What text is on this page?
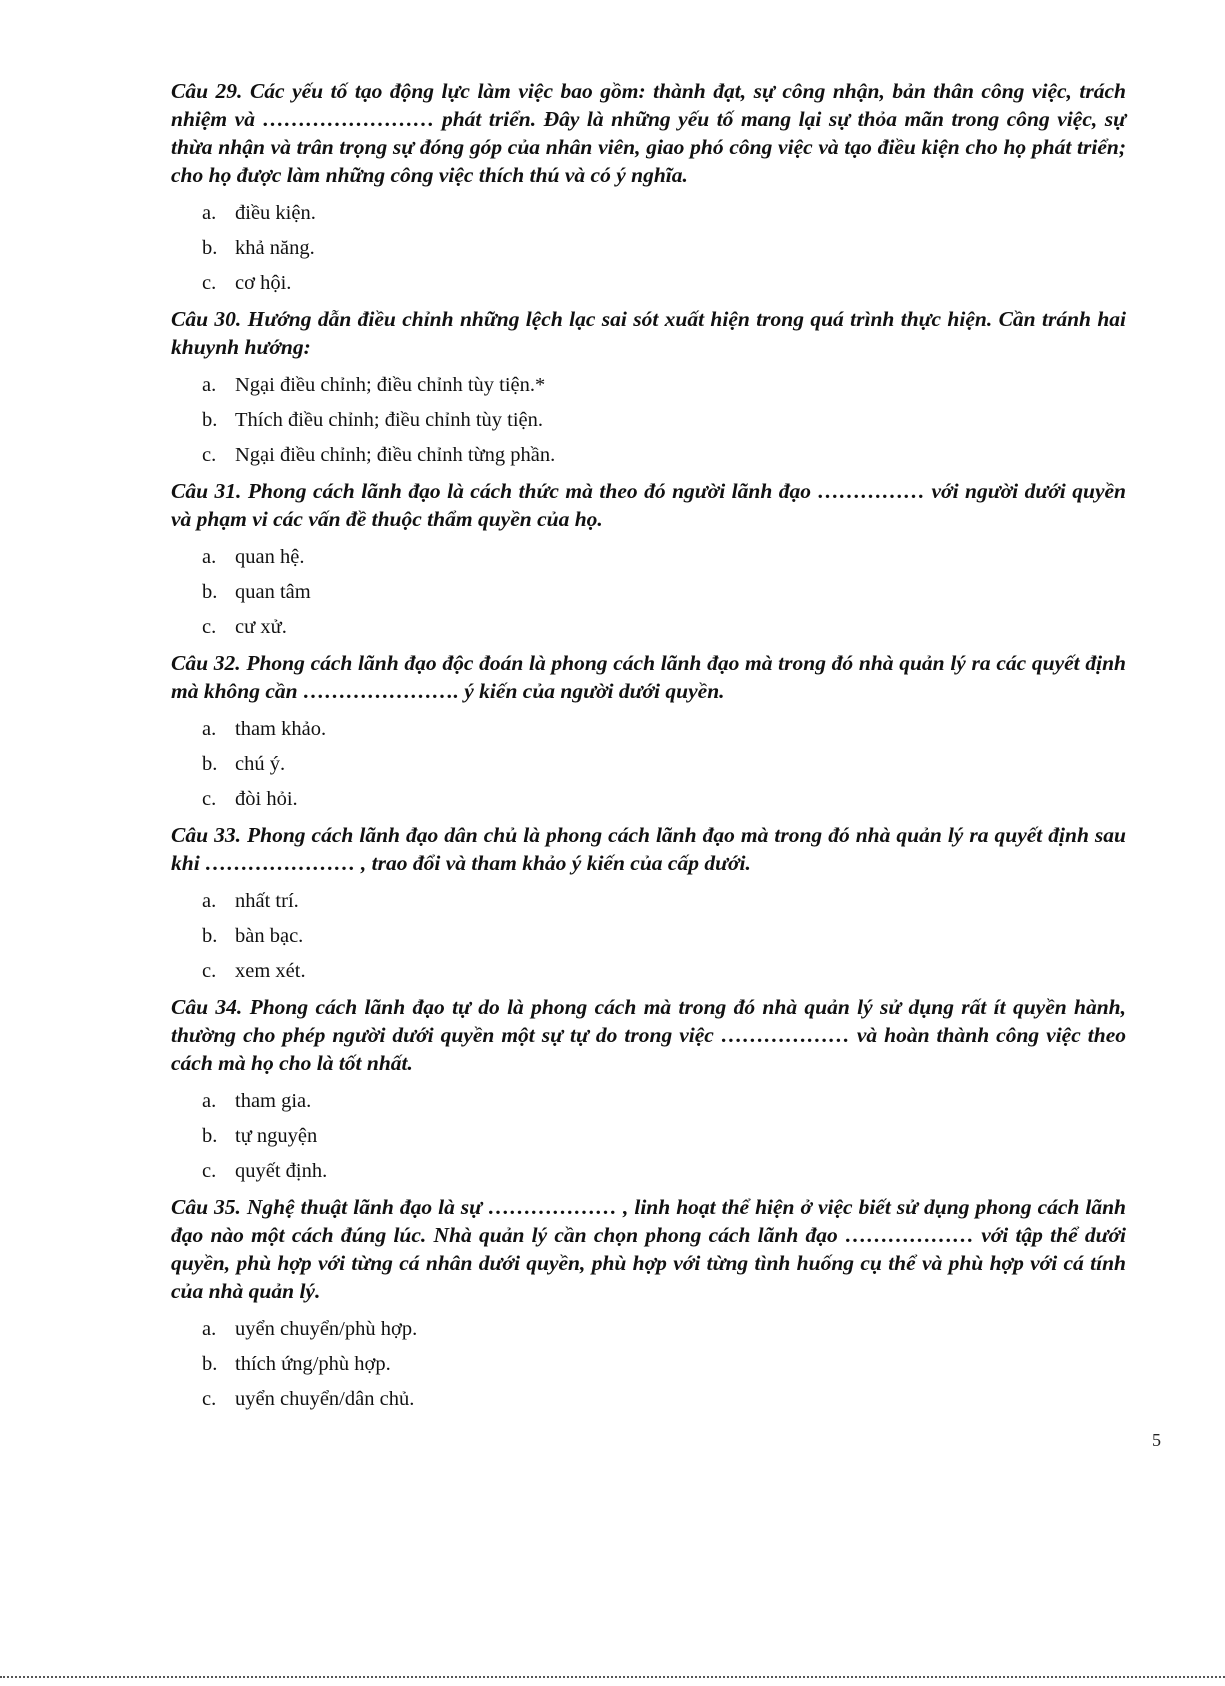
Câu 29. Các yếu tố tạo động lực làm việc bao gồm: thành đạt, sự công nhận, bản thân công việc, trách nhiệm và …………………… phát triển. Đây là những yếu tố mang lại sự thỏa mãn trong công việc, sự thừa nhận và trân trọng sự đóng góp của nhân viên, giao phó công việc và tạo điều kiện cho họ phát triển; cho họ được làm những công việc thích thú và có ý nghĩa.

a. điều kiện.
b. khả năng.
c. cơ hội.

Câu 30. Hướng dẫn điều chỉnh những lệch lạc sai sót xuất hiện trong quá trình thực hiện. Cần tránh hai khuynh hướng:

a. Ngại điều chỉnh; điều chỉnh tùy tiện.*
b. Thích điều chỉnh; điều chỉnh tùy tiện.
c. Ngại điều chỉnh; điều chỉnh từng phần.

Câu 31. Phong cách lãnh đạo là cách thức mà theo đó người lãnh đạo …………… với người dưới quyền và phạm vi các vấn đề thuộc thẩm quyền của họ.

a. quan hệ.
b. quan tâm
c. cư xử.

Câu 32. Phong cách lãnh đạo độc đoán là phong cách lãnh đạo mà trong đó nhà quản lý ra các quyết định mà không cần …………………. ý kiến của người dưới quyền.

a. tham khảo.
b. chú ý.
c. đòi hỏi.

Câu 33. Phong cách lãnh đạo dân chủ là phong cách lãnh đạo mà trong đó nhà quản lý ra quyết định sau khi ………………… , trao đổi và tham khảo ý kiến của cấp dưới.

a. nhất trí.
b. bàn bạc.
c. xem xét.

Câu 34. Phong cách lãnh đạo tự do là phong cách mà trong đó nhà quản lý sử dụng rất ít quyền hành, thường cho phép người dưới quyền một sự tự do trong việc ……………… và hoàn thành công việc theo cách mà họ cho là tốt nhất.

a. tham gia.
b. tự nguyện
c. quyết định.

Câu 35. Nghệ thuật lãnh đạo là sự ……………… , linh hoạt thể hiện ở việc biết sử dụng phong cách lãnh đạo nào một cách đúng lúc. Nhà quản lý cần chọn phong cách lãnh đạo ……………… với tập thể dưới quyền, phù hợp với từng cá nhân dưới quyền, phù hợp với từng tình huống cụ thể và phù hợp với cá tính của nhà quản lý.

a. uyển chuyển/phù hợp.
b. thích ứng/phù hợp.
c. uyển chuyển/dân chủ.
5
